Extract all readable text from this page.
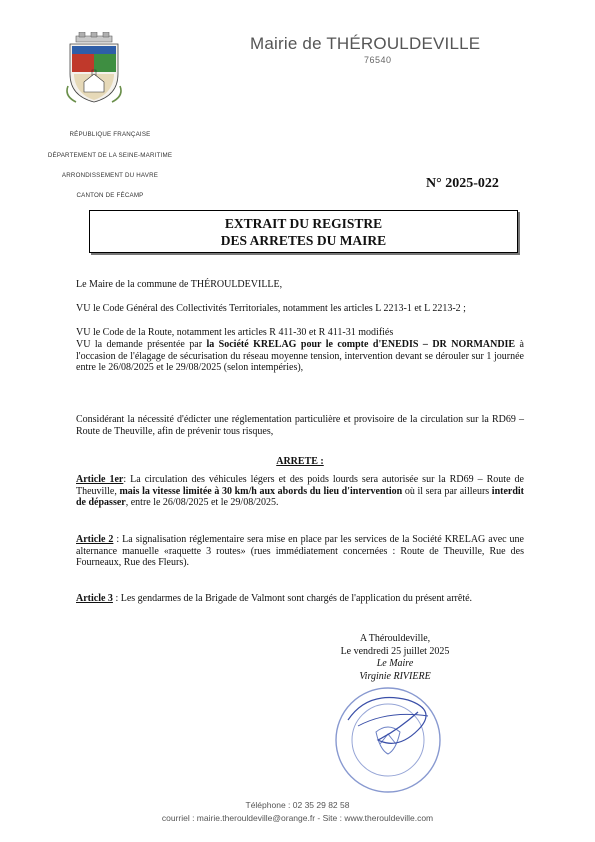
Mairie de THÉROULDEVILLE
76540
RÉPUBLIQUE FRANÇAISE
DÉPARTEMENT DE LA SEINE-MARITIME
ARRONDISSEMENT DU HAVRE
CANTON DE FÉCAMP
N° 2025-022
EXTRAIT DU REGISTRE
DES ARRETES DU MAIRE
Le Maire de la commune de THÉROULDEVILLE,
VU le Code Général des Collectivités Territoriales, notamment les articles L 2213-1 et L 2213-2 ;
VU le Code de la Route, notamment les articles R 411-30 et R 411-31 modifiés
VU la demande présentée par la Société KRELAG pour le compte d'ENEDIS – DR NORMANDIE à l'occasion de l'élagage de sécurisation du réseau moyenne tension, intervention devant se dérouler sur 1 journée entre le 26/08/2025 et le 29/08/2025 (selon intempéries),
Considérant la nécessité d'édicter une réglementation particulière et provisoire de la circulation sur la RD69 – Route de Theuville, afin de prévenir tous risques,
ARRETE :
Article 1er: La circulation des véhicules légers et des poids lourds sera autorisée sur la RD69 – Route de Theuville, mais la vitesse limitée à 30 km/h aux abords du lieu d'intervention où il sera par ailleurs interdit de dépasser, entre le 26/08/2025 et le 29/08/2025.
Article 2 : La signalisation réglementaire sera mise en place par les services de la Société KRELAG avec une alternance manuelle «raquette 3 routes» (rues immédiatement concernées : Route de Theuville, Rue des Fourneaux, Rue des Fleurs).
Article 3 : Les gendarmes de la Brigade de Valmont sont chargés de l'application du présent arrêté.
A Thérouldeville,
Le vendredi 25 juillet 2025
Le Maire
Virginie RIVIERE
Téléphone : 02 35 29 82 58
courriel : mairie.therouldeville@orange.fr - Site : www.therouldeville.com
